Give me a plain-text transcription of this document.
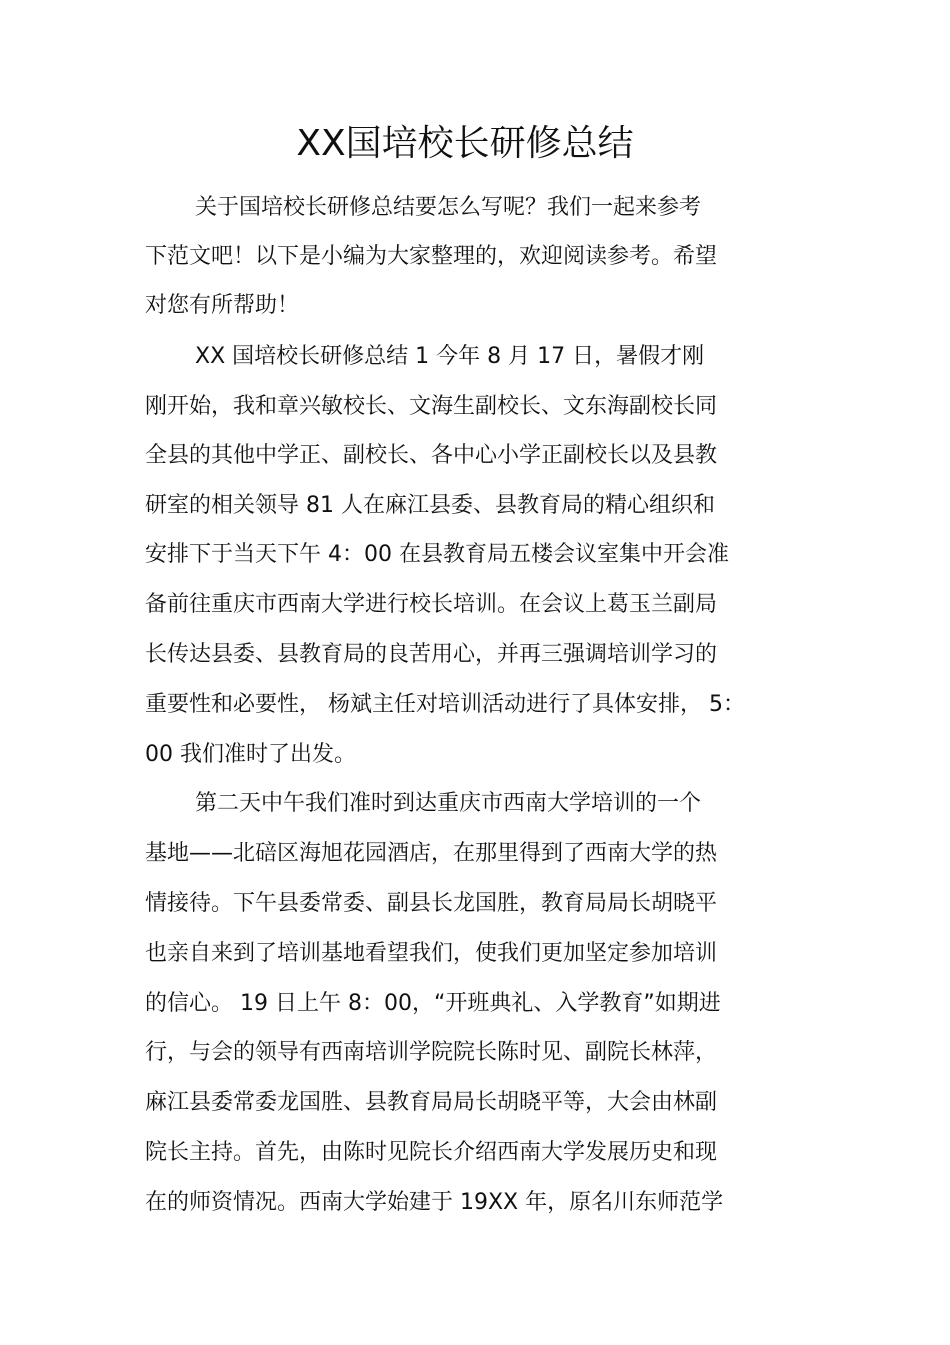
XX国培校长研修总结
关于国培校长研修总结要怎么写呢？我们一起来参考
下范文吧！以下是小编为大家整理的，欢迎阅读参考。希望
对您有所帮助！
XX 国培校长研修总结 1 今年 8 月 17 日，暑假才刚
刚开始，我和章兴敏校长、文海生副校长、文东海副校长同
全县的其他中学正、副校长、各中心小学正副校长以及县教
研室的相关领导 81 人在麻江县委、县教育局的精心组织和
安排下于当天下午 4：00 在县教育局五楼会议室集中开会准
备前往重庆市西南大学进行校长培训。在会议上葛玉兰副局
长传达县委、县教育局的良苦用心，并再三强调培训学习的
重要性和必要性， 杨斌主任对培训活动进行了具体安排， 5：
00 我们准时了出发。
第二天中午我们准时到达重庆市西南大学培训的一个
基地——北碚区海旭花园酒店，在那里得到了西南大学的热
情接待。下午县委常委、副县长龙国胜，教育局局长胡晓平
也亲自来到了培训基地看望我们，使我们更加坚定参加培训
的信心。 19 日上午 8：00，“开班典礼、入学教育”如期进
行，与会的领导有西南培训学院院长陈时见、副院长林萍，
麻江县委常委龙国胜、县教育局局长胡晓平等，大会由林副
院长主持。首先，由陈时见院长介绍西南大学发展历史和现
在的师资情况。西南大学始建于 19XX 年，原名川东师范学
